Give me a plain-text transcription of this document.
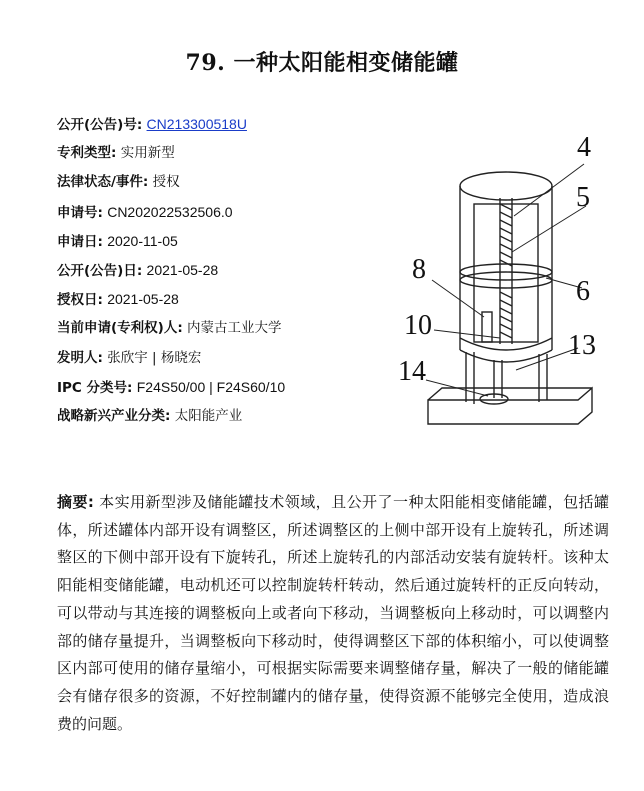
79. 一种太阳能相变储能罐
公开(公告)号: CN213300518U
专利类型: 实用新型
法律状态/事件: 授权
申请号: CN202022532506.0
申请日: 2020-11-05
公开(公告)日: 2021-05-28
授权日: 2021-05-28
当前申请(专利权)人: 内蒙古工业大学
发明人: 张欣宇 | 杨晓宏
IPC 分类号: F24S50/00 | F24S60/10
战略新兴产业分类: 太阳能产业
4
5
6
8
10
13
14
摘要: 本实用新型涉及储能罐技术领域，且公开了一种太阳能相变储能罐，包括罐体，所述罐体内部开设有调整区，所述调整区的上侧中部开设有上旋转孔，所述调整区的下侧中部开设有下旋转孔，所述上旋转孔的内部活动安装有旋转杆。该种太阳能相变储能罐，电动机还可以控制旋转杆转动，然后通过旋转杆的正反向转动，可以带动与其连接的调整板向上或者向下移动，当调整板向上移动时，可以调整内部的储存量提升，当调整板向下移动时，使得调整区下部的体积缩小，可以使调整区内部可使用的储存量缩小，可根据实际需要来调整储存量，解决了一般的储能罐会有储存很多的资源，不好控制罐内的储存量，使得资源不能够完全使用，造成浪费的问题。
